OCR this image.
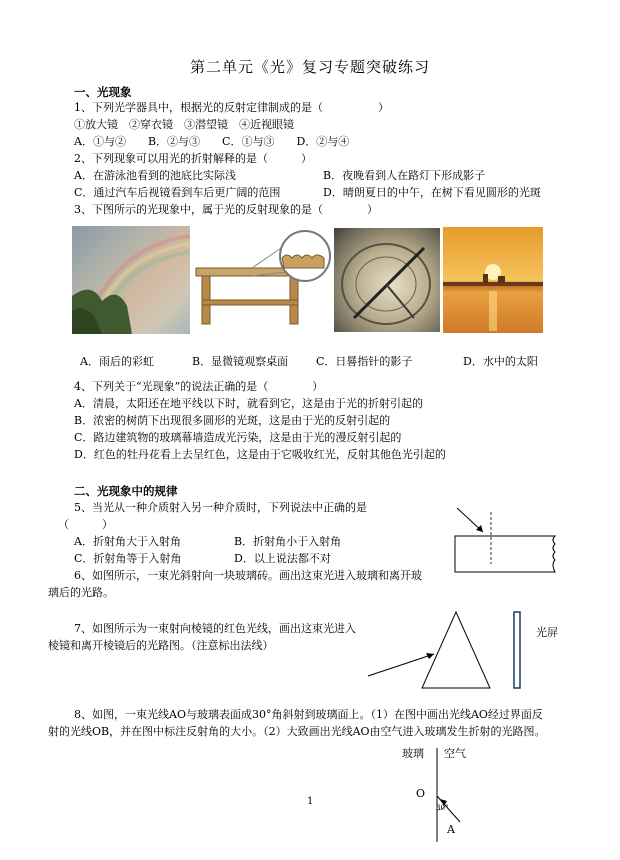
第二单元《光》复习专题突破练习
一、光现象
1、下列光学器具中，根据光的反射定律制成的是（　　　　　）
①放大镜　②穿衣镜　③潜望镜　④近视眼镜
A．①与②　　B．②与③　　C．①与③　　D．②与④
2、下列现象可以用光的折射解释的是（　　　）
A．在游泳池看到的池底比实际浅	B．夜晚看到人在路灯下形成影子
C．通过汽车后视镜看到车后更广阔的范围	D．晴朗夏日的中午，在树下看见圆形的光斑
3、下图所示的光现象中，属于光的反射现象的是（　　　　）
A．雨后的彩虹	B．显微镜观察桌面	C．日晷指针的影子	D．水中的太阳
4、下列关于“光现象”的说法正确的是（　　　　）
A．清晨，太阳还在地平线以下时，就看到它，这是由于光的折射引起的
B．浓密的树荫下出现很多圆形的光斑，这是由于光的反射引起的
C．路边建筑物的玻璃幕墙造成光污染，这是由于光的漫反射引起的
D．红色的牡丹花看上去呈红色，这是由于它吸收红光，反射其他色光引起的
二、光现象中的规律
5、当光从一种介质射入另一种介质时，下列说法中正确的是
（　　　）
A．折射角大于入射角	B．折射角小于入射角
C．折射角等于入射角	D．以上说法都不对
6、如图所示，一束光斜射向一块玻璃砖。画出这束光进入玻璃和离开玻
璃后的光路。
7、如图所示为一束射向棱镜的红色光线，画出这束光进入
棱镜和离开棱镜后的光路图。（注意标出法线）
光屏
8、如图，一束光线AO与玻璃表面成30°角斜射到玻璃面上。（1）在图中画出光线AO经过界面反
射的光线OB，并在图中标注反射角的大小。（2）大致画出光线AO由空气进入玻璃发生折射的光路图。
玻璃 空气
O
A
30°
1
